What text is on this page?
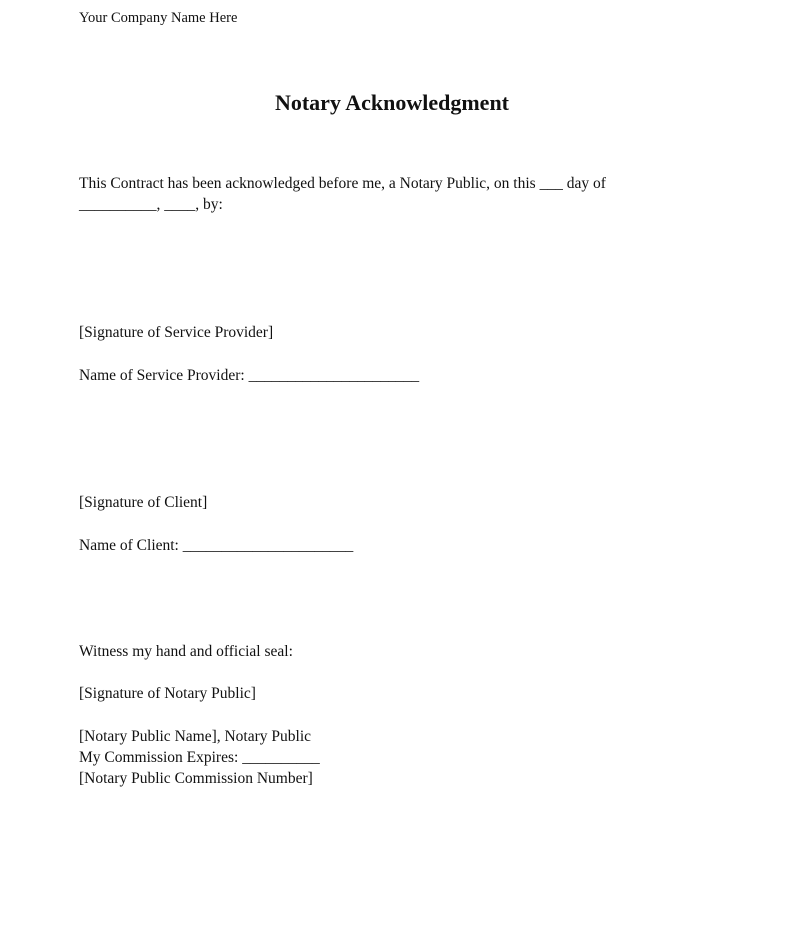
Your Company Name Here
Notary Acknowledgment
This Contract has been acknowledged before me, a Notary Public, on this ___ day of
__________, ____, by:
[Signature of Service Provider]
Name of Service Provider: ______________________
[Signature of Client]
Name of Client: ______________________
Witness my hand and official seal:
[Signature of Notary Public]
[Notary Public Name], Notary Public
My Commission Expires: __________
[Notary Public Commission Number]
